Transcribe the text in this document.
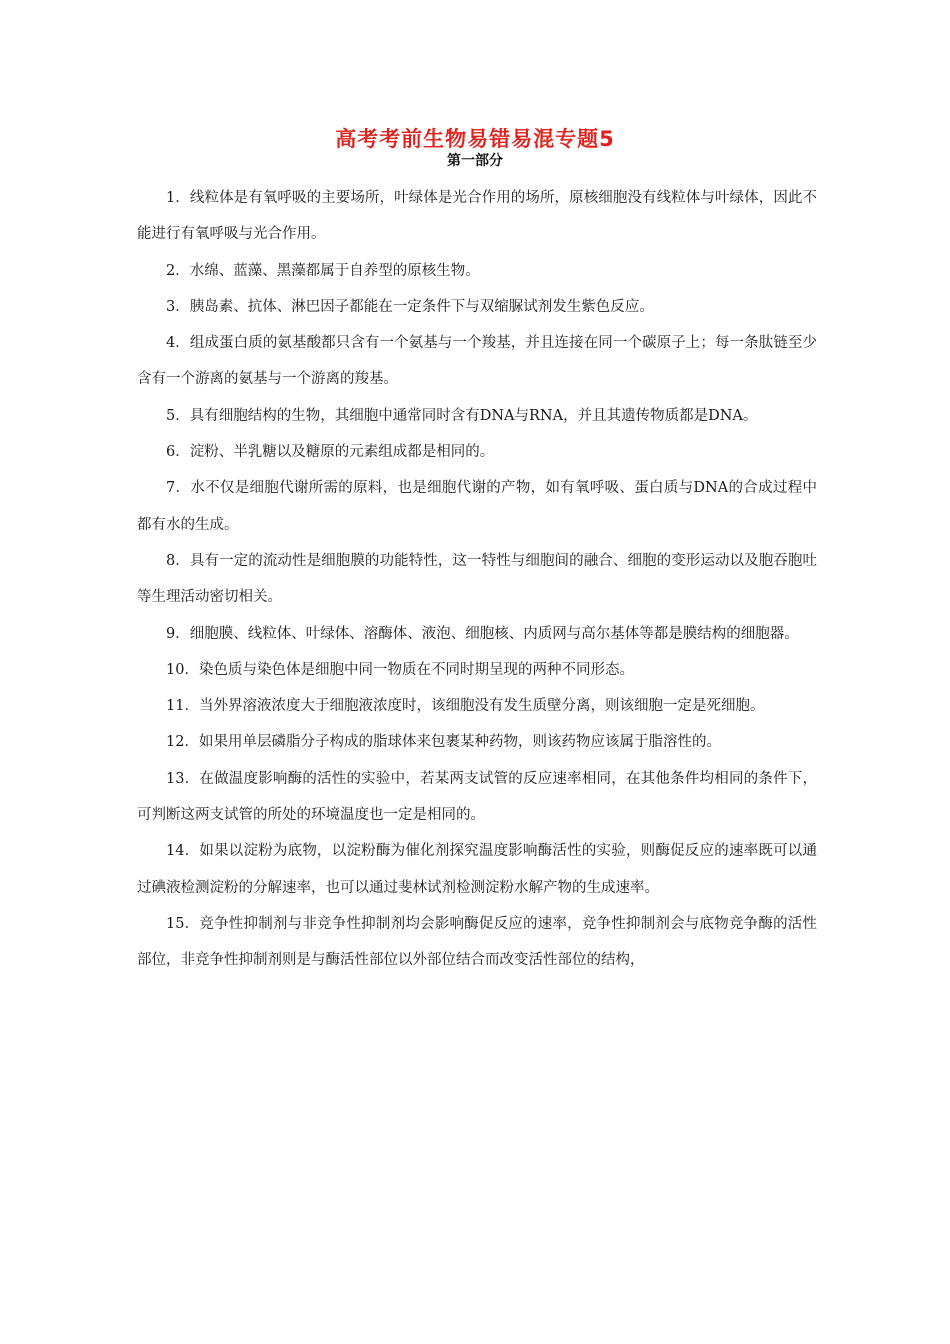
高考考前生物易错易混专题5
第一部分

1．线粒体是有氧呼吸的主要场所，叶绿体是光合作用的场所，原核细胞没有线粒体与叶绿体，因此不能进行有氧呼吸与光合作用。

2．水绵、蓝藻、黑藻都属于自养型的原核生物。

3．胰岛素、抗体、淋巴因子都能在一定条件下与双缩脲试剂发生紫色反应。

4．组成蛋白质的氨基酸都只含有一个氨基与一个羧基，并且连接在同一个碳原子上；每一条肽链至少含有一个游离的氨基与一个游离的羧基。

5．具有细胞结构的生物，其细胞中通常同时含有DNA与RNA，并且其遗传物质都是DNA。

6．淀粉、半乳糖以及糖原的元素组成都是相同的。

7．水不仅是细胞代谢所需的原料，也是细胞代谢的产物，如有氧呼吸、蛋白质与DNA的合成过程中都有水的生成。

8．具有一定的流动性是细胞膜的功能特性，这一特性与细胞间的融合、细胞的变形运动以及胞吞胞吐等生理活动密切相关。

9．细胞膜、线粒体、叶绿体、溶酶体、液泡、细胞核、内质网与高尔基体等都是膜结构的细胞器。

10．染色质与染色体是细胞中同一物质在不同时期呈现的两种不同形态。

11．当外界溶液浓度大于细胞液浓度时，该细胞没有发生质壁分离，则该细胞一定是死细胞。

12．如果用单层磷脂分子构成的脂球体来包裹某种药物，则该药物应该属于脂溶性的。

13．在做温度影响酶的活性的实验中，若某两支试管的反应速率相同，在其他条件均相同的条件下，可判断这两支试管的所处的环境温度也一定是相同的。

14．如果以淀粉为底物，以淀粉酶为催化剂探究温度影响酶活性的实验，则酶促反应的速率既可以通过碘液检测淀粉的分解速率，也可以通过斐林试剂检测淀粉水解产物的生成速率。

15．竞争性抑制剂与非竞争性抑制剂均会影响酶促反应的速率，竞争性抑制剂会与底物竞争酶的活性部位，非竞争性抑制剂则是与酶活性部位以外部位结合而改变活性部位的结构，
